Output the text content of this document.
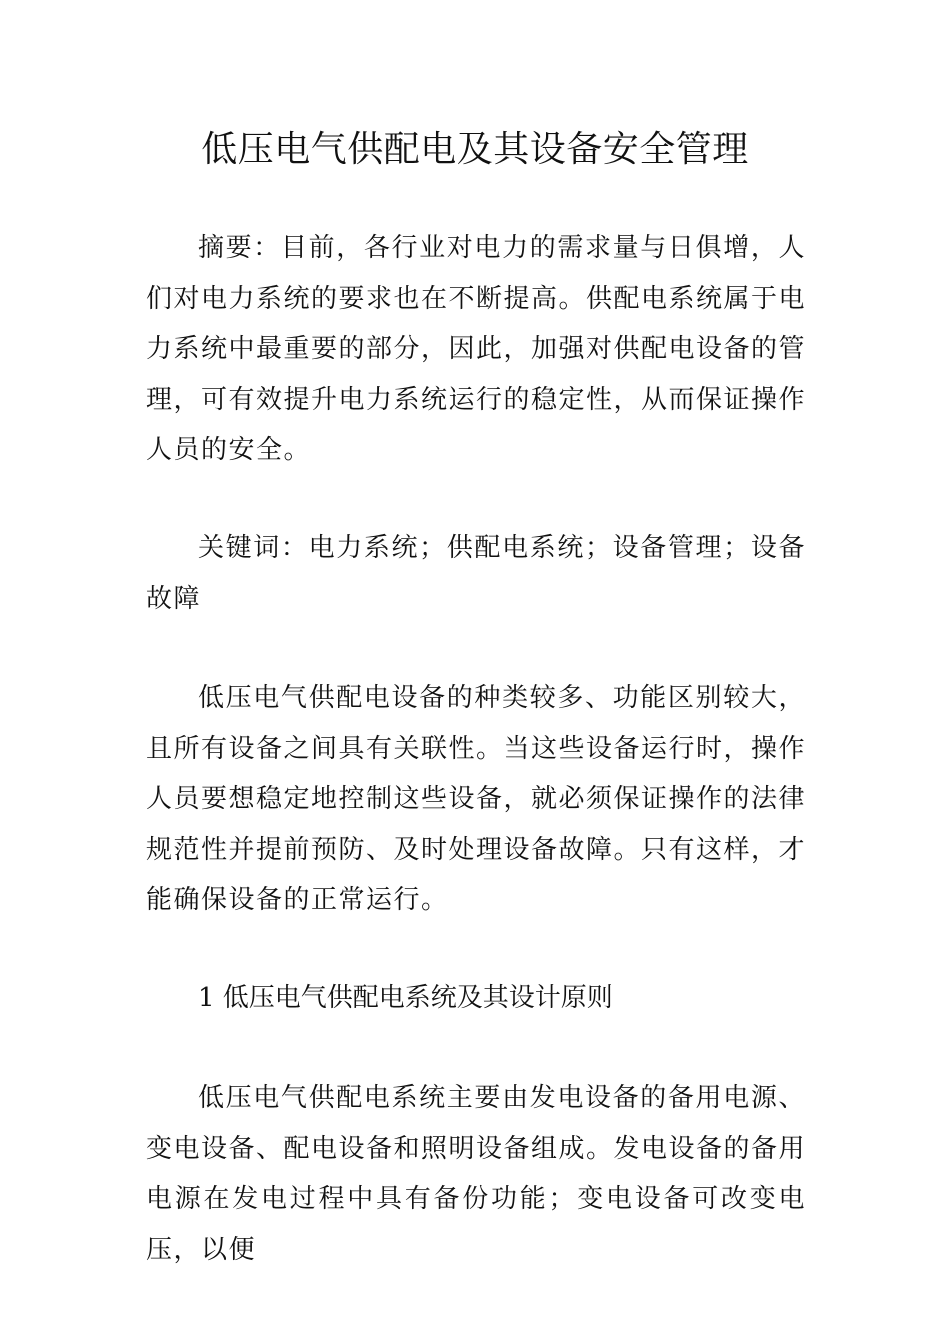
低压电气供配电及其设备安全管理

摘要：目前，各行业对电力的需求量与日俱增，人们对电力系统的要求也在不断提高。供配电系统属于电力系统中最重要的部分，因此，加强对供配电设备的管理，可有效提升电力系统运行的稳定性，从而保证操作人员的安全。

关键词：电力系统；供配电系统；设备管理；设备故障

低压电气供配电设备的种类较多、功能区别较大，且所有设备之间具有关联性。当这些设备运行时，操作人员要想稳定地控制这些设备，就必须保证操作的法律规范性并提前预防、及时处理设备故障。只有这样，才能确保设备的正常运行。

1 低压电气供配电系统及其设计原则

低压电气供配电系统主要由发电设备的备用电源、变电设备、配电设备和照明设备组成。发电设备的备用电源在发电过程中具有备份功能；变电设备可改变电压，以便
